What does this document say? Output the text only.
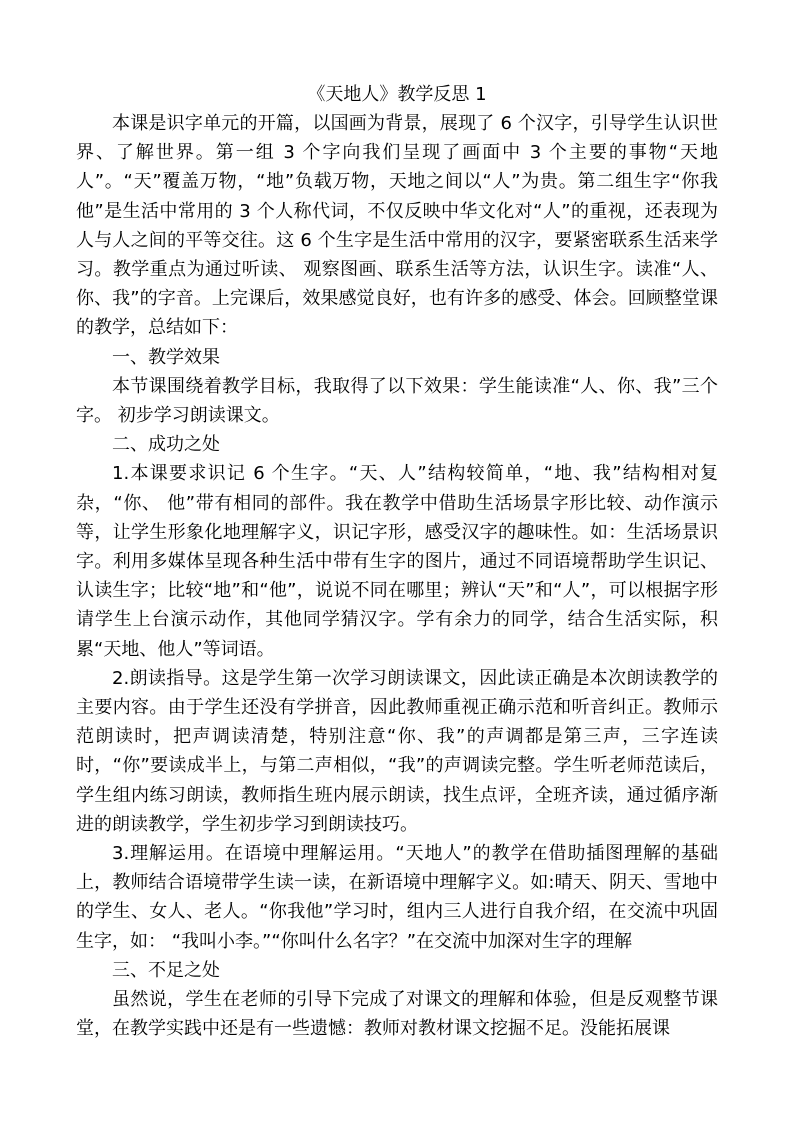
《天地人》教学反思 1

本课是识字单元的开篇，以国画为背景，展现了 6 个汉字，引导学生认识世界、了解世界。第一组 3 个字向我们呈现了画面中 3 个主要的事物“天地人”。“天”覆盖万物，“地”负载万物，天地之间以“人”为贵。第二组生字“你我他”是生活中常用的 3 个人称代词，不仅反映中华文化对“人”的重视，还表现为人与人之间的平等交往。这 6 个生字是生活中常用的汉字，要紧密联系生活来学习。教学重点为通过听读、 观察图画、联系生活等方法，认识生字。读准“人、你、我”的字音。上完课后，效果感觉良好，也有许多的感受、体会。回顾整堂课的教学，总结如下：

一、教学效果

本节课围绕着教学目标，我取得了以下效果：学生能读准“人、你、我”三个字。 初步学习朗读课文。

二、成功之处

1.本课要求识记 6 个生字。“天、人”结构较简单，“地、我”结构相对复杂，“你、 他”带有相同的部件。我在教学中借助生活场景字形比较、动作演示等，让学生形象化地理解字义，识记字形，感受汉字的趣味性。如：生活场景识字。利用多媒体呈现各种生活中带有生字的图片，通过不同语境帮助学生识记、认读生字；比较“地”和“他”，说说不同在哪里；辨认“天”和“人”，可以根据字形请学生上台演示动作，其他同学猜汉字。学有余力的同学，结合生活实际，积累“天地、他人”等词语。

2.朗读指导。这是学生第一次学习朗读课文，因此读正确是本次朗读教学的主要内容。由于学生还没有学拼音，因此教师重视正确示范和听音纠正。教师示范朗读时，把声调读清楚，特别注意“你、我”的声调都是第三声，三字连读时，“你”要读成半上，与第二声相似，“我”的声调读完整。学生听老师范读后，学生组内练习朗读，教师指生班内展示朗读，找生点评，全班齐读，通过循序渐进的朗读教学，学生初步学习到朗读技巧。

3.理解运用。在语境中理解运用。“天地人”的教学在借助插图理解的基础上，教师结合语境带学生读一读，在新语境中理解字义。如:晴天、阴天、雪地中的学生、女人、老人。“你我他”学习时，组内三人进行自我介绍，在交流中巩固生字，如： “我叫小李。”“你叫什么名字？”在交流中加深对生字的理解

三、不足之处

虽然说，学生在老师的引导下完成了对课文的理解和体验，但是反观整节课堂，在教学实践中还是有一些遗憾：教师对教材课文挖掘不足。没能拓展课
